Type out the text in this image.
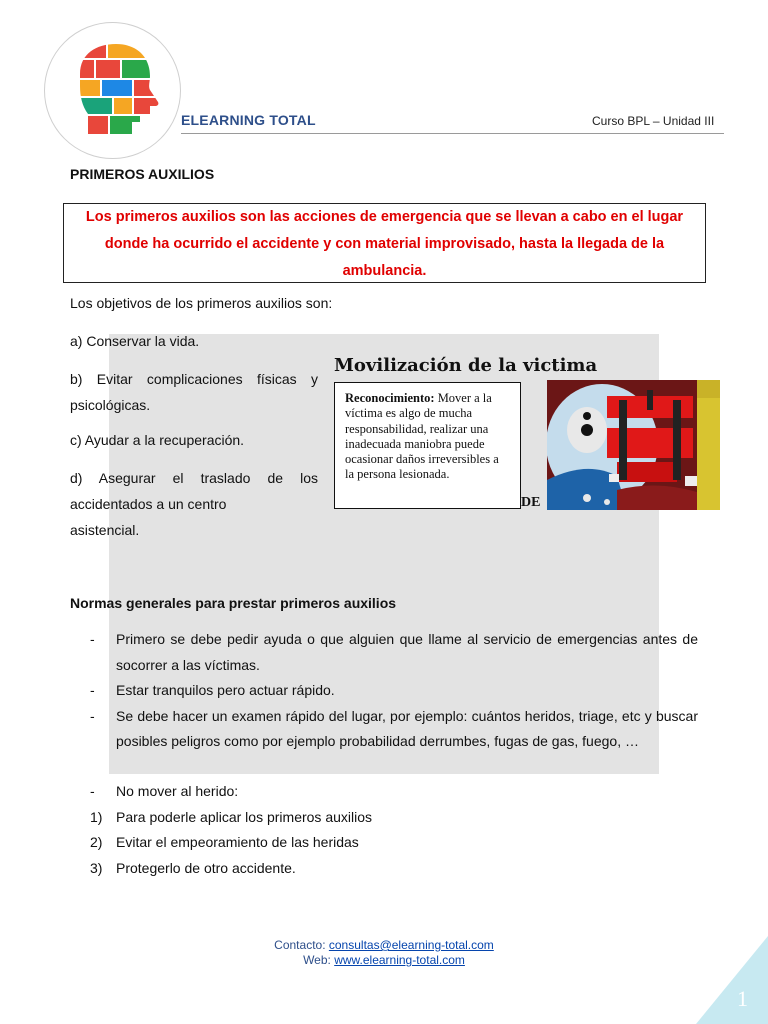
ELEARNING TOTAL	Curso BPL – Unidad III
PRIMEROS AUXILIOS
Los primeros auxilios son las acciones de emergencia que se llevan a cabo en el lugar donde ha ocurrido el accidente y con material improvisado, hasta la llegada de la ambulancia.
Los objetivos de los primeros auxilios son:
a) Conservar la vida.
b) Evitar complicaciones físicas y psicológicas.
c) Ayudar a la recuperación.
d) Asegurar el traslado de los accidentados a un centro
asistencial.
Movilización de la victima
Reconocimiento: Mover a la víctima es algo de mucha responsabilidad, realizar una inadecuada maniobra puede ocasionar daños irreversibles a la persona lesionada.
DE
Normas generales para prestar primeros auxilios
- Primero se debe pedir ayuda o que alguien que llame al servicio de emergencias antes de socorrer a las víctimas.
- Estar tranquilos pero actuar rápido.
- Se debe hacer un examen rápido del lugar, por ejemplo: cuántos heridos, triage, etc y buscar posibles peligros como por ejemplo probabilidad derrumbes, fugas de gas, fuego, …
- No mover al herido:
1) Para poderle aplicar los primeros auxilios
2) Evitar el empeoramiento de las heridas
3) Protegerlo de otro accidente.
Contacto: consultas@elearning-total.com
Web: www.elearning-total.com
1
